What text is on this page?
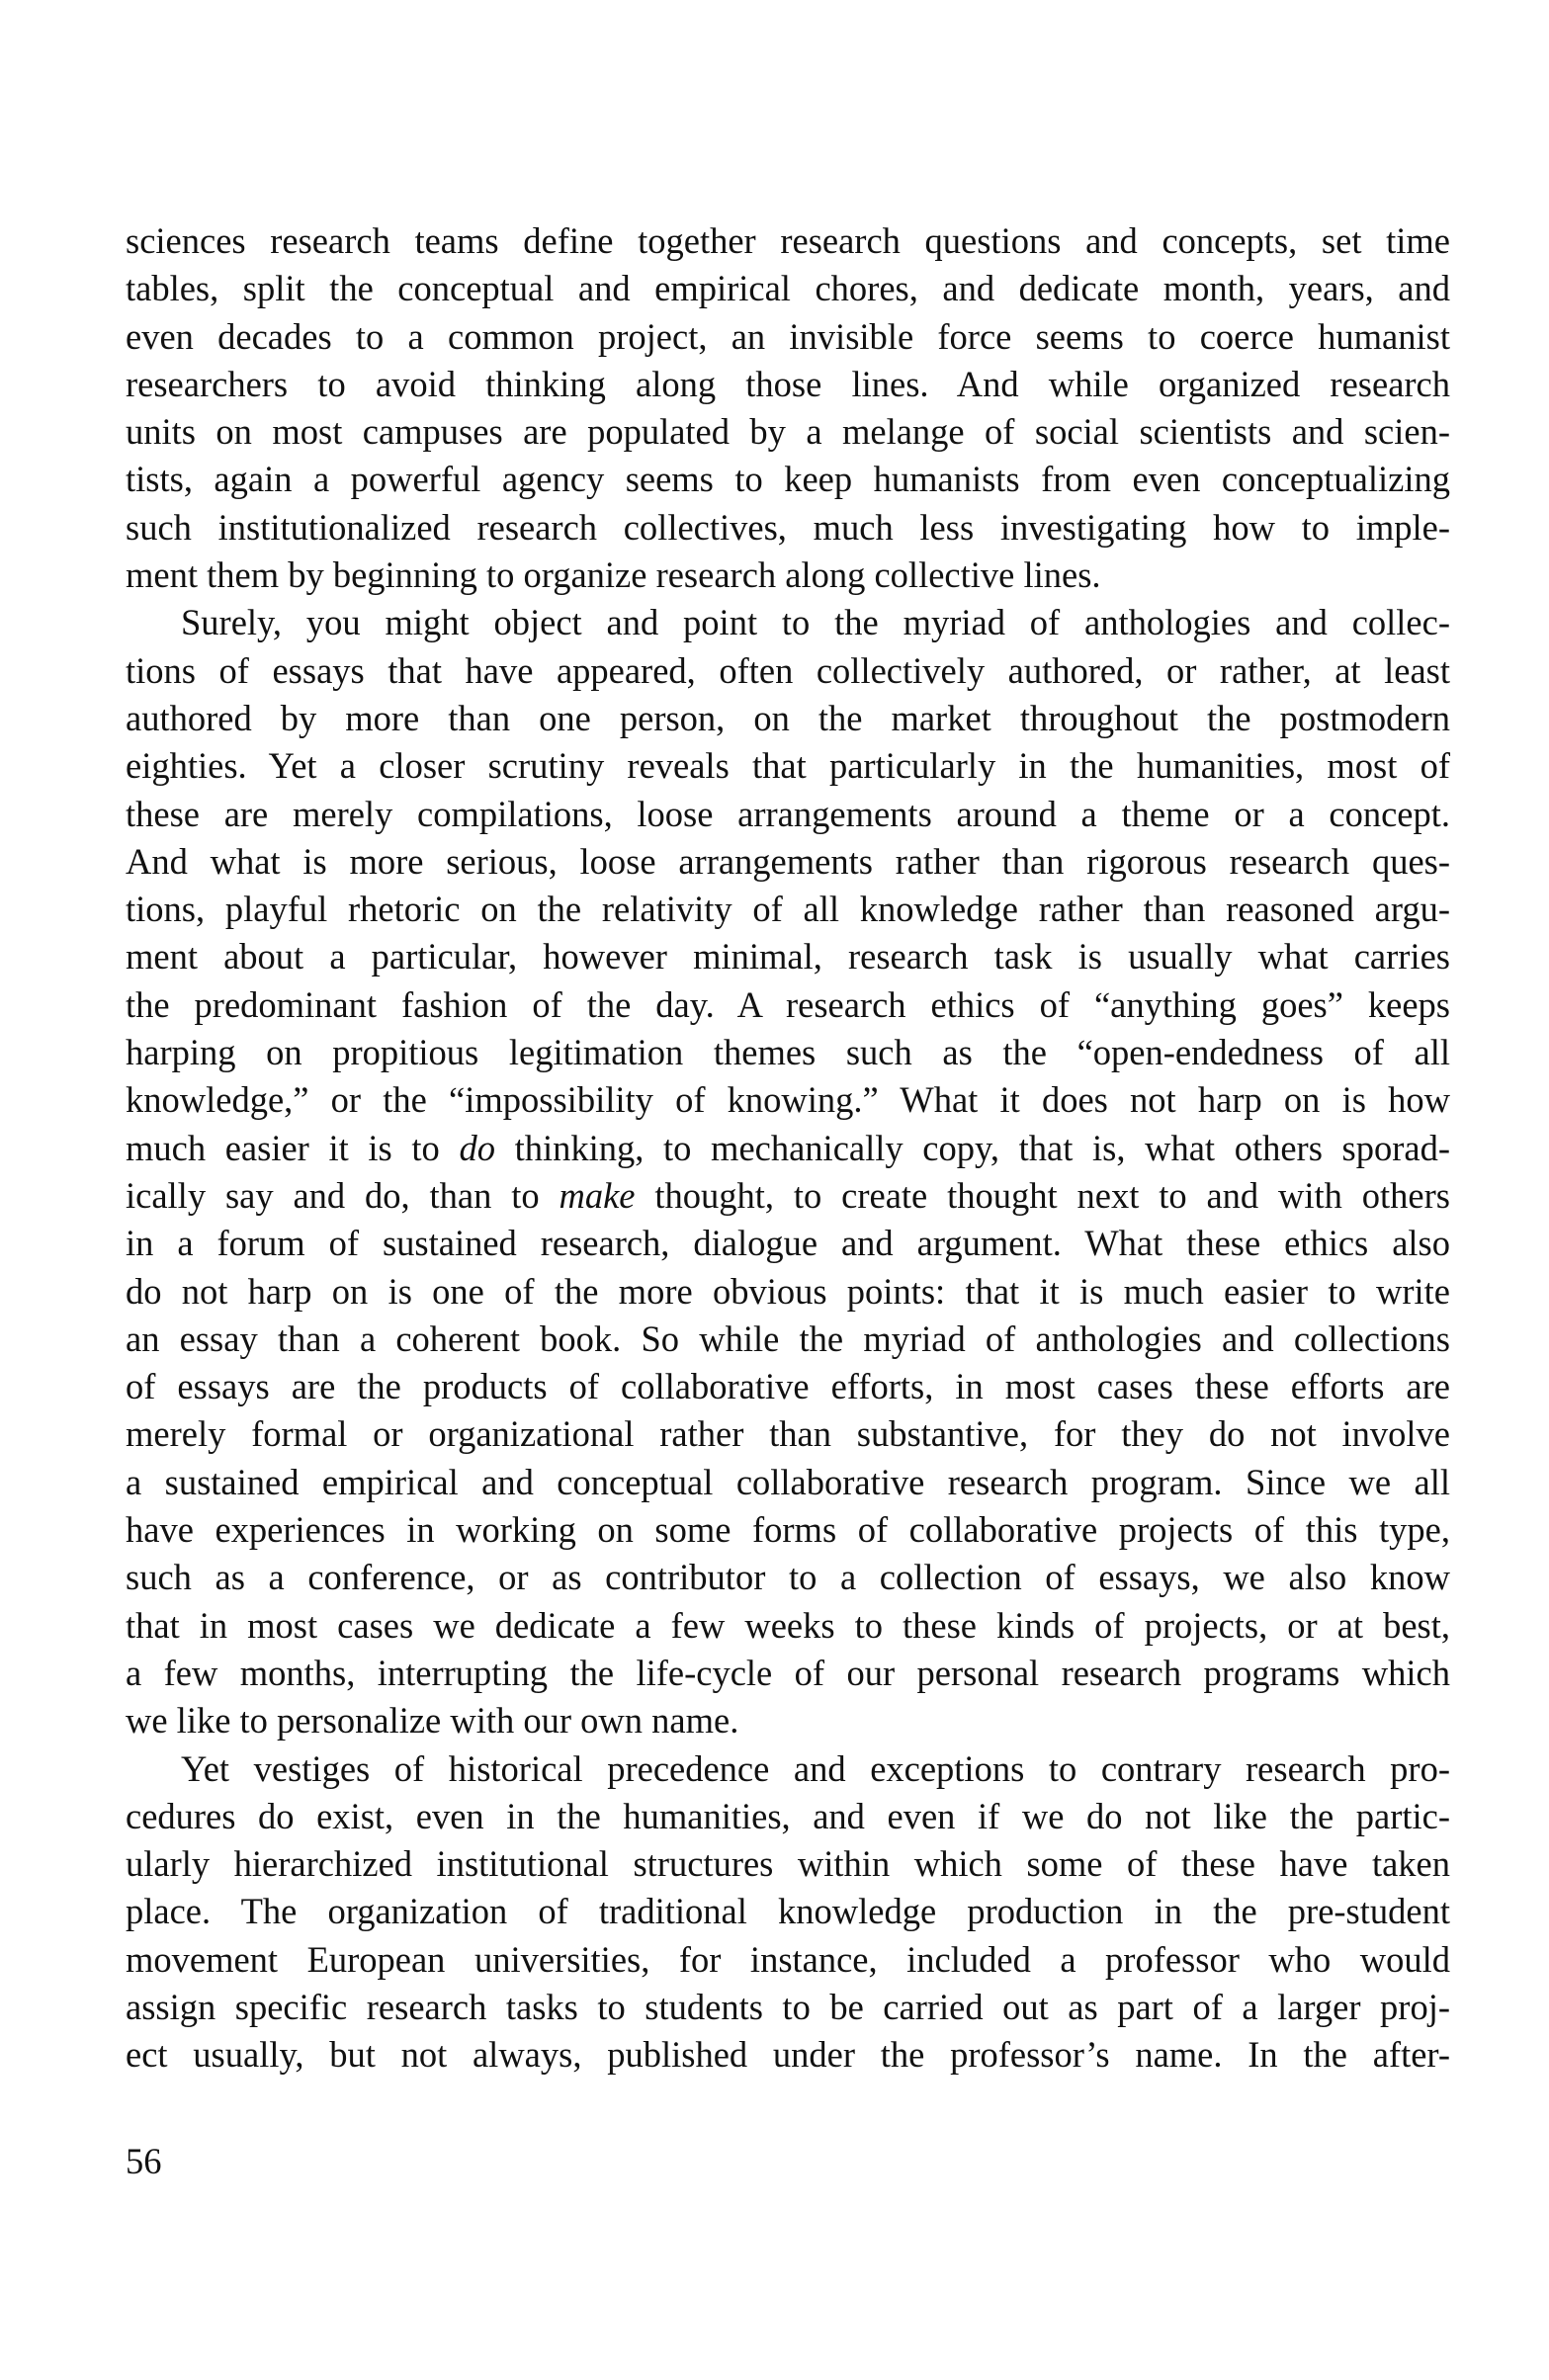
sciences research teams define together research questions and concepts, set time
tables, split the conceptual and empirical chores, and dedicate month, years, and
even decades to a common project, an invisible force seems to coerce humanist
researchers to avoid thinking along those lines. And while organized research
units on most campuses are populated by a melange of social scientists and scien-
tists, again a powerful agency seems to keep humanists from even conceptualizing
such institutionalized research collectives, much less investigating how to imple-
ment them by beginning to organize research along collective lines.
Surely, you might object and point to the myriad of anthologies and collec-
tions of essays that have appeared, often collectively authored, or rather, at least
authored by more than one person, on the market throughout the postmodern
eighties. Yet a closer scrutiny reveals that particularly in the humanities, most of
these are merely compilations, loose arrangements around a theme or a concept.
And what is more serious, loose arrangements rather than rigorous research ques-
tions, playful rhetoric on the relativity of all knowledge rather than reasoned argu-
ment about a particular, however minimal, research task is usually what carries
the predominant fashion of the day. A research ethics of “anything goes” keeps
harping on propitious legitimation themes such as the “open-endedness of all
knowledge,” or the “impossibility of knowing.” What it does not harp on is how
much easier it is to do thinking, to mechanically copy, that is, what others sporad-
ically say and do, than to make thought, to create thought next to and with others
in a forum of sustained research, dialogue and argument. What these ethics also
do not harp on is one of the more obvious points: that it is much easier to write
an essay than a coherent book. So while the myriad of anthologies and collections
of essays are the products of collaborative efforts, in most cases these efforts are
merely formal or organizational rather than substantive, for they do not involve
a sustained empirical and conceptual collaborative research program. Since we all
have experiences in working on some forms of collaborative projects of this type,
such as a conference, or as contributor to a collection of essays, we also know
that in most cases we dedicate a few weeks to these kinds of projects, or at best,
a few months, interrupting the life-cycle of our personal research programs which
we like to personalize with our own name.
Yet vestiges of historical precedence and exceptions to contrary research pro-
cedures do exist, even in the humanities, and even if we do not like the partic-
ularly hierarchized institutional structures within which some of these have taken
place. The organization of traditional knowledge production in the pre-student
movement European universities, for instance, included a professor who would
assign specific research tasks to students to be carried out as part of a larger proj-
ect usually, but not always, published under the professor’s name. In the after-
56
